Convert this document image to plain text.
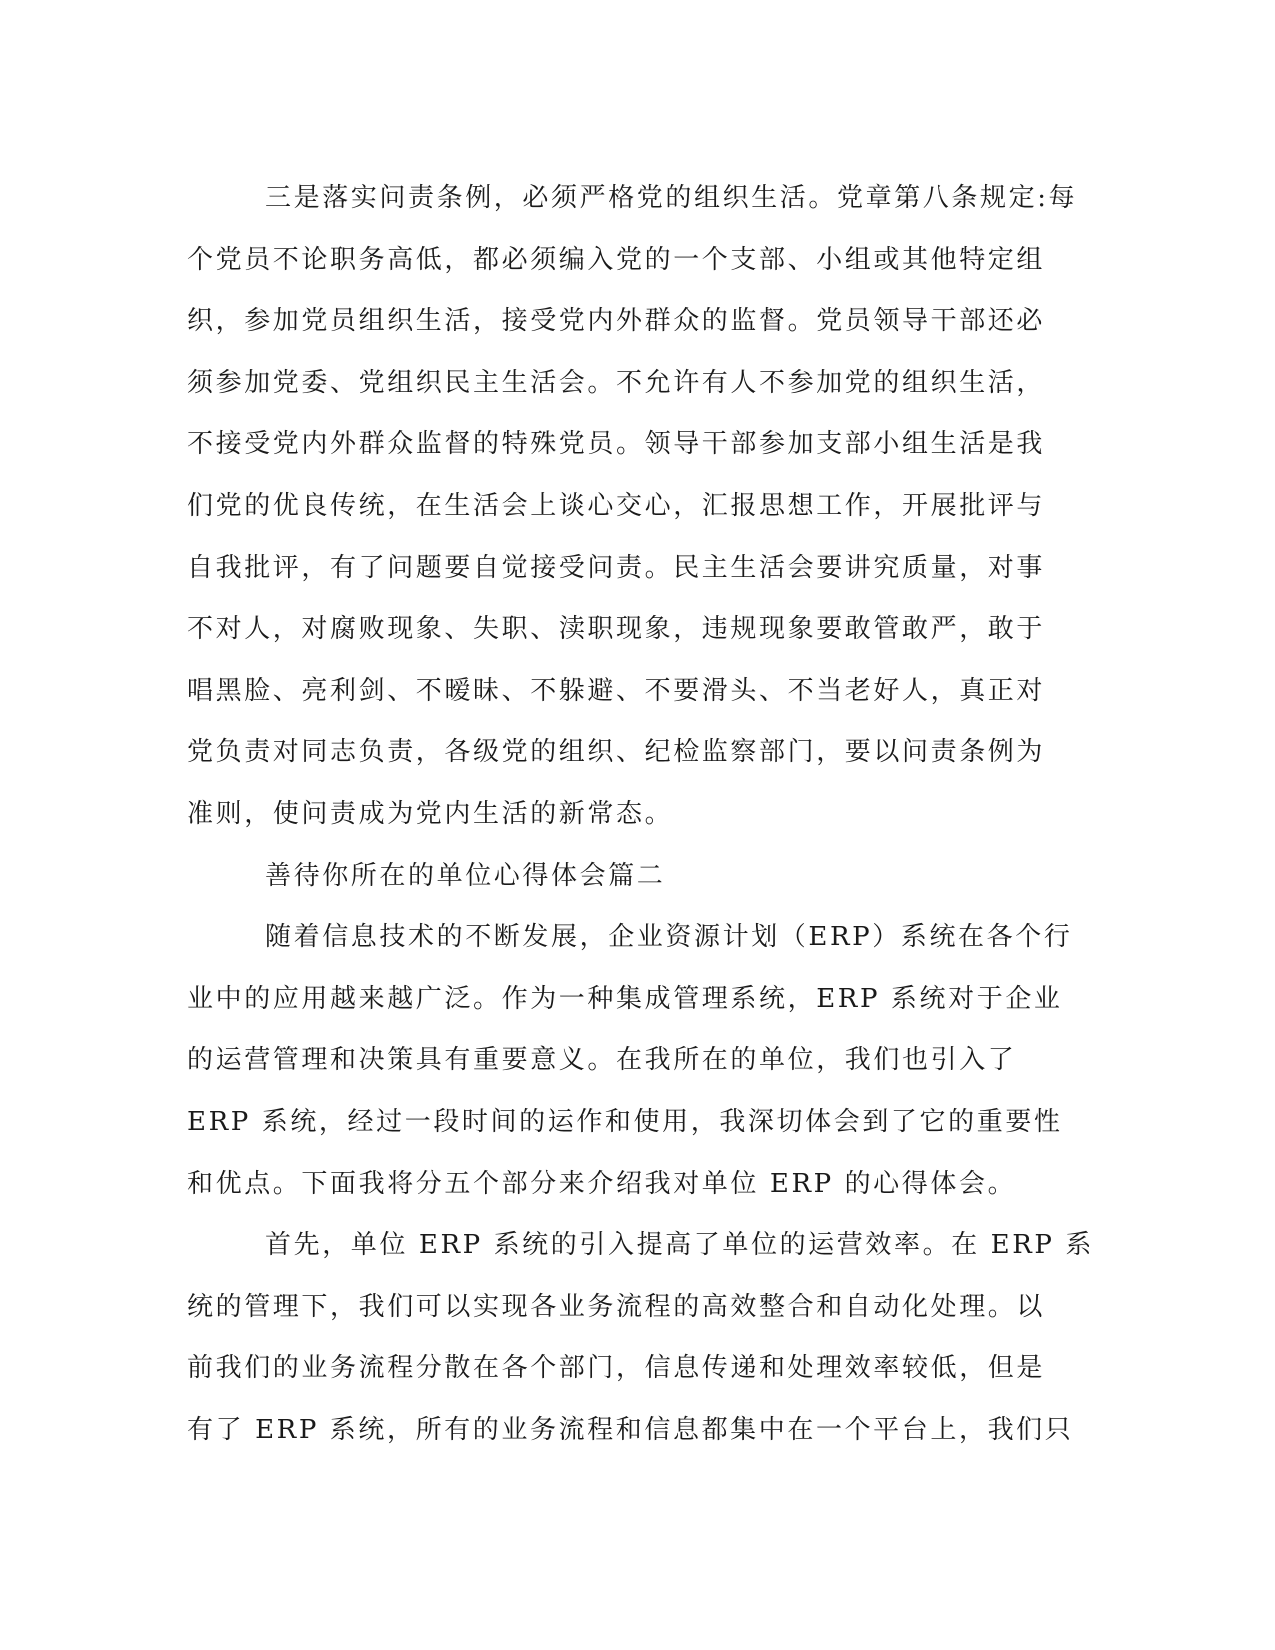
三是落实问责条例，必须严格党的组织生活。党章第八条规定:每
个党员不论职务高低，都必须编入党的一个支部、小组或其他特定组
织，参加党员组织生活，接受党内外群众的监督。党员领导干部还必
须参加党委、党组织民主生活会。不允许有人不参加党的组织生活，
不接受党内外群众监督的特殊党员。领导干部参加支部小组生活是我
们党的优良传统，在生活会上谈心交心，汇报思想工作，开展批评与
自我批评，有了问题要自觉接受问责。民主生活会要讲究质量，对事
不对人，对腐败现象、失职、渎职现象，违规现象要敢管敢严，敢于
唱黑脸、亮利剑、不暧昧、不躲避、不要滑头、不当老好人，真正对
党负责对同志负责，各级党的组织、纪检监察部门，要以问责条例为
准则，使问责成为党内生活的新常态。
善待你所在的单位心得体会篇二
随着信息技术的不断发展，企业资源计划（ERP）系统在各个行
业中的应用越来越广泛。作为一种集成管理系统，ERP 系统对于企业
的运营管理和决策具有重要意义。在我所在的单位，我们也引入了
ERP 系统，经过一段时间的运作和使用，我深切体会到了它的重要性
和优点。下面我将分五个部分来介绍我对单位 ERP 的心得体会。
首先，单位 ERP 系统的引入提高了单位的运营效率。在 ERP 系
统的管理下，我们可以实现各业务流程的高效整合和自动化处理。以
前我们的业务流程分散在各个部门，信息传递和处理效率较低，但是
有了 ERP 系统，所有的业务流程和信息都集中在一个平台上，我们只
